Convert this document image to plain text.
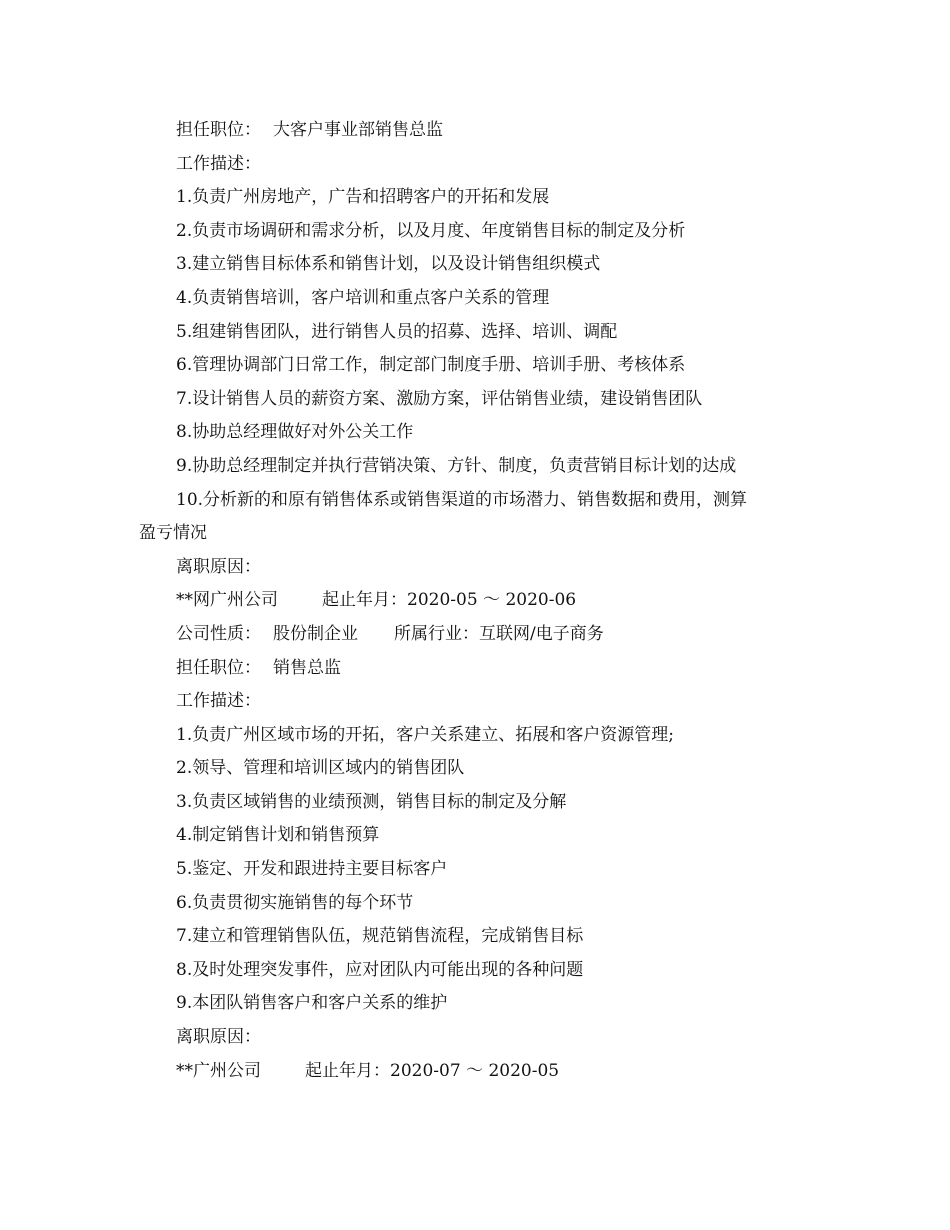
担任职位： 大客户事业部销售总监
工作描述：
1.负责广州房地产，广告和招聘客户的开拓和发展
2.负责市场调研和需求分析，以及月度、年度销售目标的制定及分析
3.建立销售目标体系和销售计划，以及设计销售组织模式
4.负责销售培训，客户培训和重点客户关系的管理
5.组建销售团队，进行销售人员的招募、选择、培训、调配
6.管理协调部门日常工作，制定部门制度手册、培训手册、考核体系
7.设计销售人员的薪资方案、激励方案，评估销售业绩，建设销售团队
8.协助总经理做好对外公关工作
9.协助总经理制定并执行营销决策、方针、制度，负责营销目标计划的达成
10.分析新的和原有销售体系或销售渠道的市场潜力、销售数据和费用，测算
盈亏情况
离职原因：
**网广州公司	起止年月：2020-05 ～ 2020-06
公司性质： 股份制企业 所属行业：互联网/电子商务
担任职位： 销售总监
工作描述：
1.负责广州区域市场的开拓，客户关系建立、拓展和客户资源管理;
2.领导、管理和培训区域内的销售团队
3.负责区域销售的业绩预测，销售目标的制定及分解
4.制定销售计划和销售预算
5.鉴定、开发和跟进持主要目标客户
6.负责贯彻实施销售的每个环节
7.建立和管理销售队伍，规范销售流程，完成销售目标
8.及时处理突发事件，应对团队内可能出现的各种问题
9.本团队销售客户和客户关系的维护
离职原因：
**广州公司	起止年月：2020-07 ～ 2020-05
